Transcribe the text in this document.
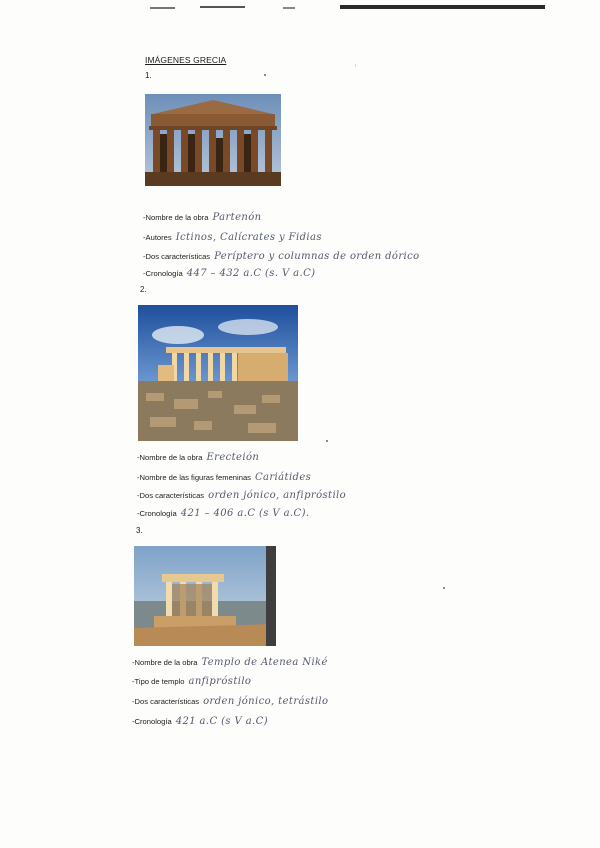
IMÁGENES GRECIA
1.
-Nombre de la obra Partenón
-Autores Ictinos, Calícrates y Fidias
-Dos características Períptero y columnas de orden dórico
-Cronología 447 – 432 a.C (s. V a.C)
2.
-Nombre de la obra Erecteión
-Nombre de las figuras femeninas Cariátides
-Dos características orden jónico, anfipróstilo
-Cronología 421 – 406 a.C (s V a.C).
3.
-Nombre de la obra Templo de Atenea Niké
-Tipo de templo anfipróstilo
-Dos características orden jónico, tetrástilo
-Cronología 421 a.C (s V a.C)
